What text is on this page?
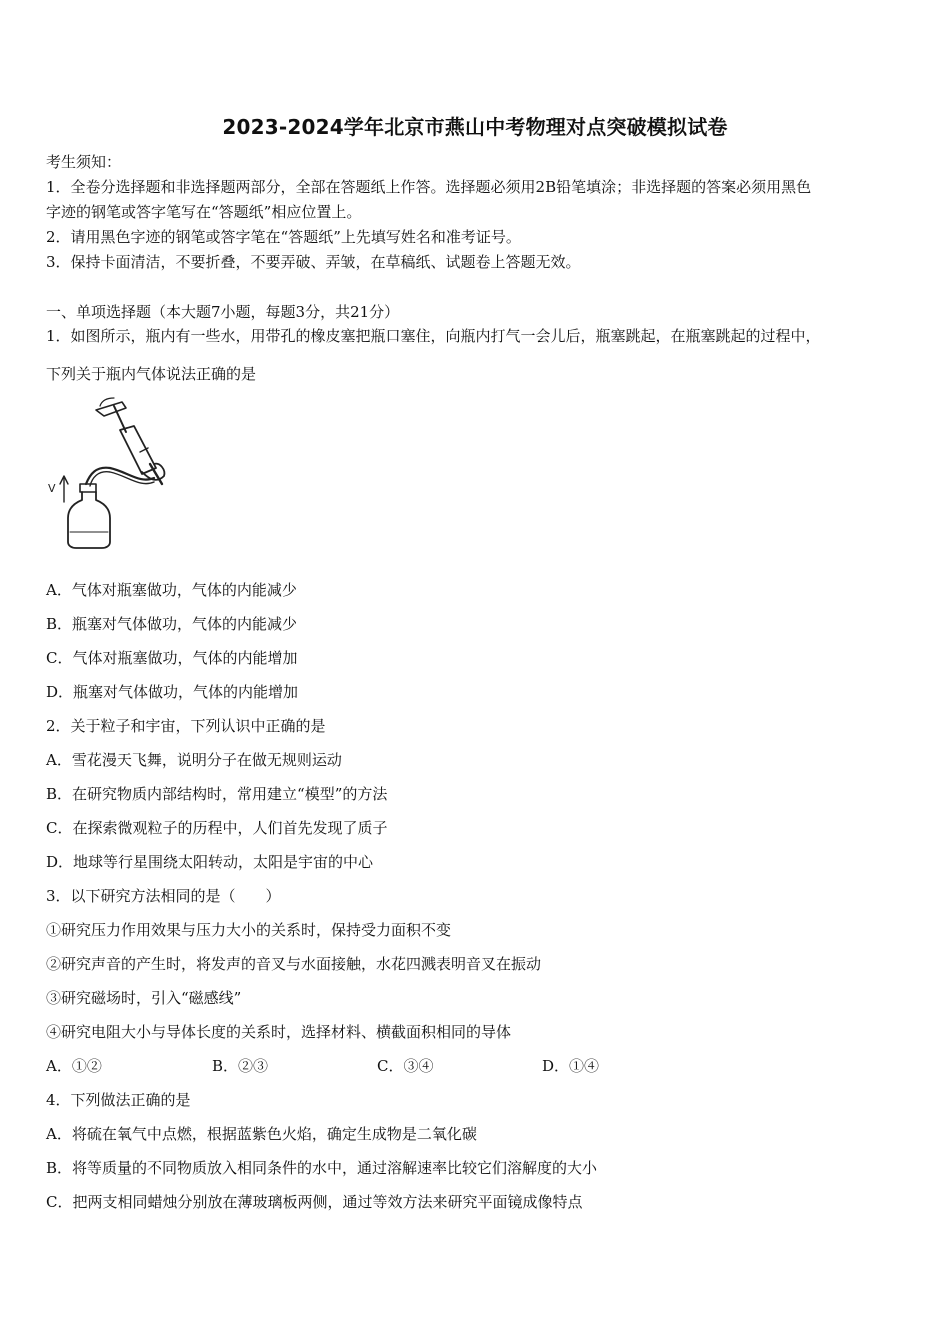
2023-2024学年北京市燕山中考物理对点突破模拟试卷
考生须知：
1．全卷分选择题和非选择题两部分，全部在答题纸上作答。选择题必须用2B铅笔填涂；非选择题的答案必须用黑色
字迹的钢笔或答字笔写在“答题纸”相应位置上。
2．请用黑色字迹的钢笔或答字笔在“答题纸”上先填写姓名和准考证号。
3．保持卡面清洁，不要折叠，不要弄破、弄皱，在草稿纸、试题卷上答题无效。
一、单项选择题（本大题7小题，每题3分，共21分）
1．如图所示，瓶内有一些水，用带孔的橡皮塞把瓶口塞住，向瓶内打气一会儿后，瓶塞跳起，在瓶塞跳起的过程中，
下列关于瓶内气体说法正确的是
V
A．气体对瓶塞做功，气体的内能减少
B．瓶塞对气体做功，气体的内能减少
C．气体对瓶塞做功，气体的内能增加
D．瓶塞对气体做功，气体的内能增加
2．关于粒子和宇宙，下列认识中正确的是
A．雪花漫天飞舞，说明分子在做无规则运动
B．在研究物质内部结构时，常用建立“模型”的方法
C．在探索微观粒子的历程中，人们首先发现了质子
D．地球等行星围绕太阳转动，太阳是宇宙的中心
3．以下研究方法相同的是（　　）
①研究压力作用效果与压力大小的关系时，保持受力面积不变
②研究声音的产生时，将发声的音叉与水面接触，水花四溅表明音叉在振动
③研究磁场时，引入“磁感线”
④研究电阻大小与导体长度的关系时，选择材料、横截面积相同的导体
A．①②	B．②③	C．③④	D．①④
4．下列做法正确的是
A．将硫在氧气中点燃，根据蓝紫色火焰，确定生成物是二氧化碳
B．将等质量的不同物质放入相同条件的水中，通过溶解速率比较它们溶解度的大小
C．把两支相同蜡烛分别放在薄玻璃板两侧，通过等效方法来研究平面镜成像特点
